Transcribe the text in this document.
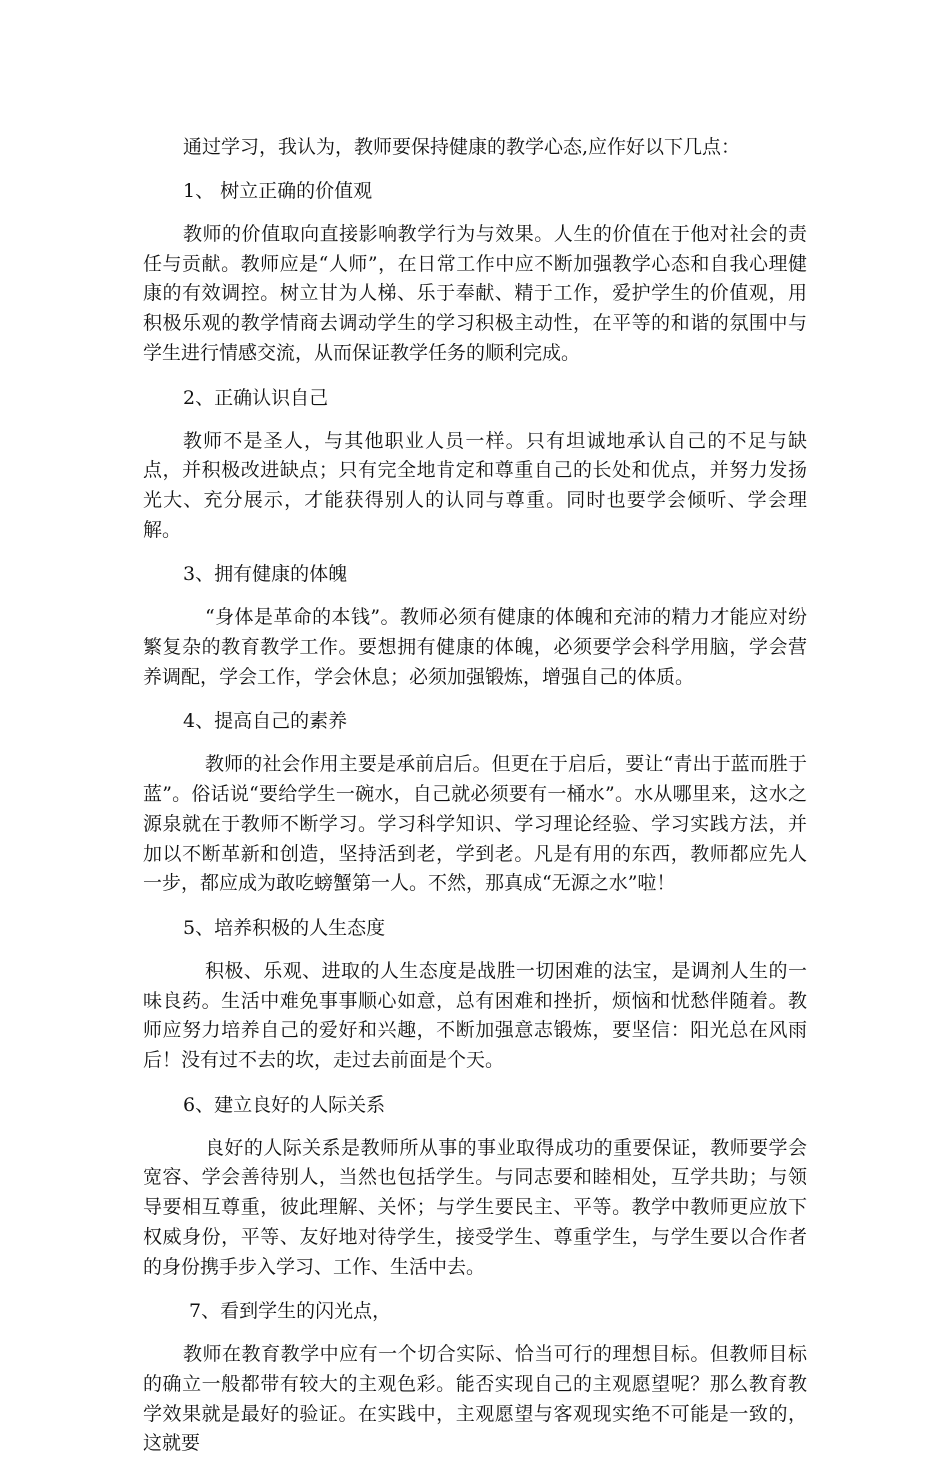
通过学习，我认为，教师要保持健康的教学心态,应作好以下几点：

1、 树立正确的价值观

教师的价值取向直接影响教学行为与效果。人生的价值在于他对社会的责任与贡献。教师应是“人师”，在日常工作中应不断加强教学心态和自我心理健康的有效调控。树立甘为人梯、乐于奉献、精于工作，爱护学生的价值观，用积极乐观的教学情商去调动学生的学习积极主动性，在平等的和谐的氛围中与学生进行情感交流，从而保证教学任务的顺利完成。

2、正确认识自己

教师不是圣人，与其他职业人员一样。只有坦诚地承认自己的不足与缺点，并积极改进缺点；只有完全地肯定和尊重自己的长处和优点，并努力发扬光大、充分展示，才能获得别人的认同与尊重。同时也要学会倾听、学会理解。

3、拥有健康的体魄

“身体是革命的本钱”。教师必须有健康的体魄和充沛的精力才能应对纷繁复杂的教育教学工作。要想拥有健康的体魄，必须要学会科学用脑，学会营养调配，学会工作，学会休息；必须加强锻炼，增强自己的体质。

4、提高自己的素养

教师的社会作用主要是承前启后。但更在于启后，要让“青出于蓝而胜于蓝”。俗话说“要给学生一碗水，自己就必须要有一桶水”。水从哪里来，这水之源泉就在于教师不断学习。学习科学知识、学习理论经验、学习实践方法，并加以不断革新和创造，坚持活到老，学到老。凡是有用的东西，教师都应先人一步，都应成为敢吃螃蟹第一人。不然，那真成“无源之水”啦！

5、培养积极的人生态度

积极、乐观、进取的人生态度是战胜一切困难的法宝，是调剂人生的一味良药。生活中难免事事顺心如意，总有困难和挫折，烦恼和忧愁伴随着。教师应努力培养自己的爱好和兴趣，不断加强意志锻炼，要坚信：阳光总在风雨后！没有过不去的坎，走过去前面是个天。

6、建立良好的人际关系

良好的人际关系是教师所从事的事业取得成功的重要保证，教师要学会宽容、学会善待别人，当然也包括学生。与同志要和睦相处，互学共助；与领导要相互尊重，彼此理解、关怀；与学生要民主、平等。教学中教师更应放下权威身份，平等、友好地对待学生，接受学生、尊重学生，与学生要以合作者的身份携手步入学习、工作、生活中去。

7、看到学生的闪光点，

教师在教育教学中应有一个切合实际、恰当可行的理想目标。但教师目标的确立一般都带有较大的主观色彩。能否实现自己的主观愿望呢？那么教育教学效果就是最好的验证。在实践中，主观愿望与客观现实绝不可能是一致的，这就要
